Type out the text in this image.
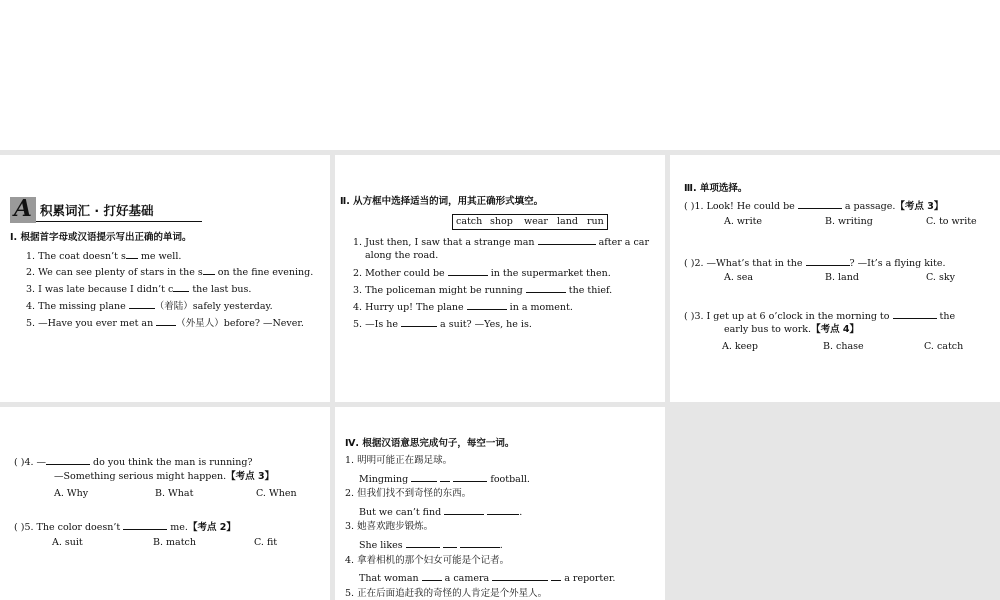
A 积累词汇 · 打好基础
Ⅰ. 根据首字母或汉语提示写出正确的单词。
1. The coat doesn’t s me well.
2. We can see plenty of stars in the s on the fine evening.
3. I was late because I didn’t c the last bus.
4. The missing plane	（着陆）safely yesterday.
5. —Have you ever met an （外星人）before? —Never.
Ⅱ. 从方框中选择适当的词，用其正确形式填空。
catch shop wear land run
1. Just then, I saw that a strange man	after a car
along the road.
2. Mother could be	in the supermarket then.
3. The policeman might be running	the thief.
4. Hurry up! The plane	in a moment.
5. —Is he	a suit? —Yes, he is.
Ⅲ. 单项选择。
( )1. Look! He could be	a passage.【考点 3】
A. write	B. writing	C. to write
( )2. —What’s that in the	? —It’s a flying kite.
A. sea	B. land	C. sky
( )3. I get up at 6 o’clock in the morning to	the
early bus to work.【考点 4】
A. keep	B. chase	C. catch
( )4. —	do you think the man is running?
—Something serious might happen.【考点 3】
A. Why	B. What	C. When
( )5. The color doesn’t	me.【考点 2】
A. suit	B. match	C. fit
Ⅳ. 根据汉语意思完成句子，每空一词。
1. 明明可能正在踢足球。
Mingming	football.
2. 但我们找不到奇怪的东西。
But we can’t find	.
3. 她喜欢跑步锻炼。
She likes	.
4. 拿着相机的那个妇女可能是个记者。
That woman  a camera	a reporter.
5. 正在后面追赶我的奇怪的人肯定是个外星人。
